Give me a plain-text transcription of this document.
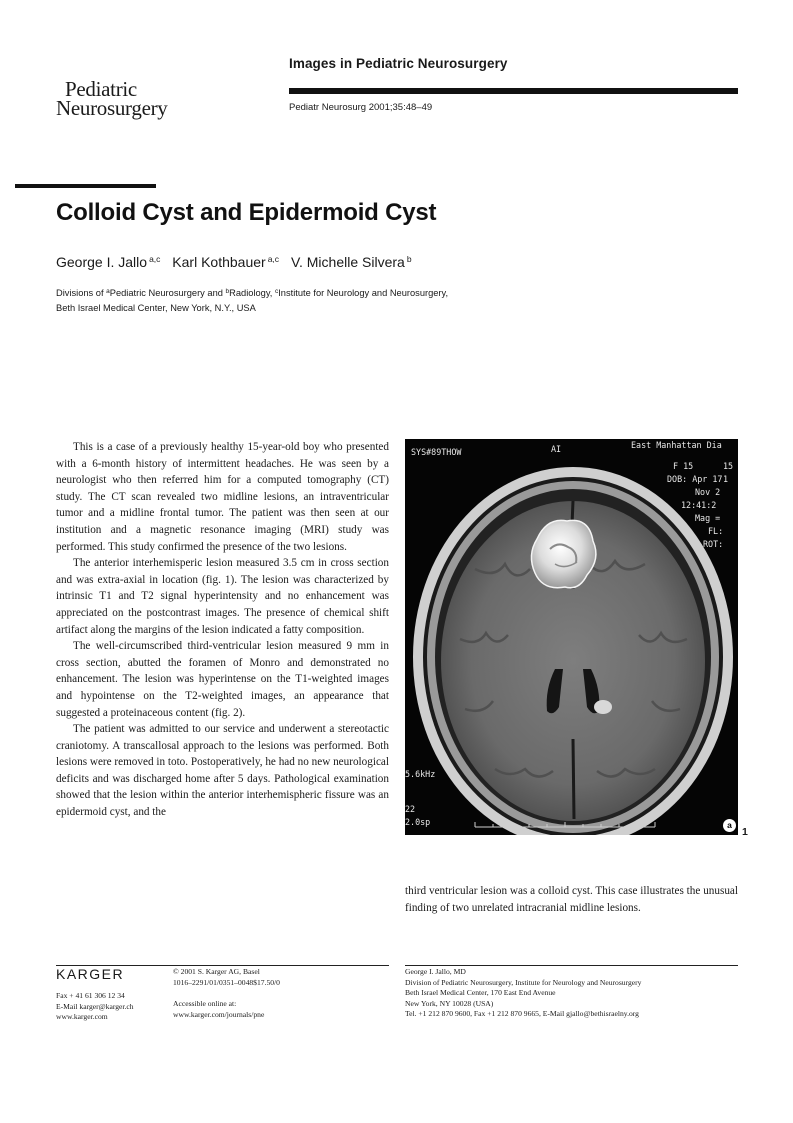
Images in Pediatric Neurosurgery
Pediatr Neurosurg 2001;35:48–49
Pediatric
Neurosurgery
Colloid Cyst and Epidermoid Cyst
George I. Jallo $^{a,c}$ Karl Kothbauer $^{a,c}$ V. Michelle Silvera $^b$
Divisions of $^a$Pediatric Neurosurgery and $^b$Radiology, $^c$Institute for Neurology and Neurosurgery,
Beth Israel Medical Center, New York, N.Y., USA

This is a case of a previously healthy 15-year-old boy who presented with a 6-month history of intermittent headaches. He was seen by a neurologist who then referred him for a computed tomography (CT) study. The CT scan revealed two midline lesions, an intraventricular tumor and a midline frontal tumor. The patient was then seen at our institution and a magnetic resonance imaging (MRI) study was performed. This study confirmed the presence of the two lesions.

The anterior interhemisperic lesion measured 3.5 cm in cross section and was extra-axial in location (fig. 1). The lesion was characterized by intrinsic T1 and T2 signal hyperintensity and no enhancement was appreciated on the postcontrast images. The presence of chemical shift artifact along the margins of the lesion indicated a fatty composition.

The well-circumscribed third-ventricular lesion measured 9 mm in cross section, abutted the foramen of Monro and demonstrated no enhancement. The lesion was hyperintense on the T1-weighted images and hypointense on the T2-weighted images, an appearance that suggested a proteinaceous content (fig. 2).

The patient was admitted to our service and underwent a stereotactic craniotomy. A transcallosal approach to the lesions was performed. Both lesions were removed in toto. Postoperatively, he had no new neurological deficits and was discharged home after 5 days. Pathological examination showed that the lesion within the anterior interhemispheric fissure was an epidermoid cyst, and the

third ventricular lesion was a colloid cyst. This case illustrates the unusual finding of two unrelated intracranial midline lesions.

SYS#89THOW	AI	East Manhattan Dia
F 15	15
DOB: Apr 17 1
Nov 2
12:41:2
Mag =
FL:
ROT:
5.6kHz
22
2.0sp	a
1
KARGER
Fax + 41 61 306 12 34
E-Mail karger@karger.ch
www.karger.com
© 2001 S. Karger AG, Basel
1016–2291/01/0351–0048$17.50/0
Accessible online at:
www.karger.com/journals/pne
George I. Jallo, MD
Division of Pediatric Neurosurgery, Institute for Neurology and Neurosurgery
Beth Israel Medical Center, 170 East End Avenue
New York, NY 10028 (USA)
Tel. +1 212 870 9600, Fax +1 212 870 9665, E-Mail gjallo@bethisraelny.org
